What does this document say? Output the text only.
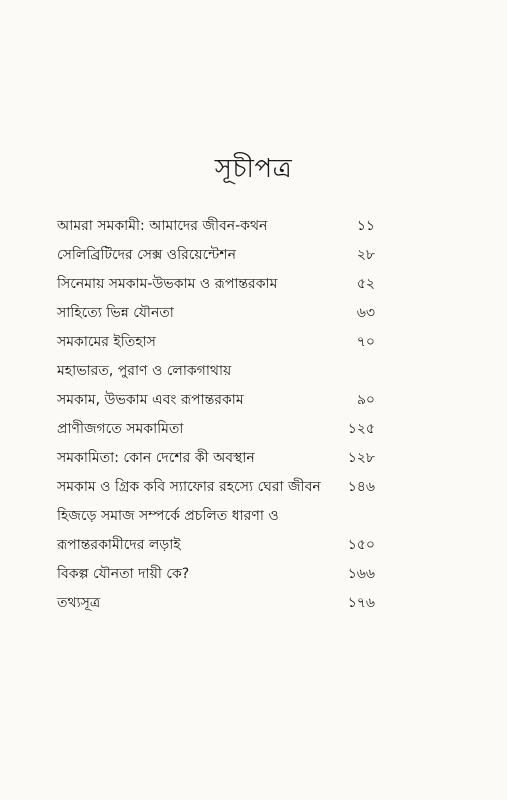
সূচীপত্র
আমরা সমকামী: আমাদের জীবন-কথন	১১
সেলিব্রিটিদের সেক্স ওরিয়েন্টেশন	২৮
সিনেমায় সমকাম-উভকাম ও রূপান্তরকাম	৫২
সাহিত্যে ভিন্ন যৌনতা	৬৩
সমকামের ইতিহাস	৭০
মহাভারত, পুরাণ ও লোকগাথায়
সমকাম, উভকাম এবং রূপান্তরকাম	৯০
প্রাণীজগতে সমকামিতা	১২৫
সমকামিতা: কোন দেশের কী অবস্থান	১২৮
সমকাম ও গ্রিক কবি স্যাফোর রহস্যে ঘেরা জীবন	১৪৬
হিজড়ে সমাজ সম্পর্কে প্রচলিত ধারণা ও
রূপান্তরকামীদের লড়াই	১৫০
বিকল্প যৌনতা দায়ী কে?	১৬৬
তথ্যসূত্র	১৭৬
